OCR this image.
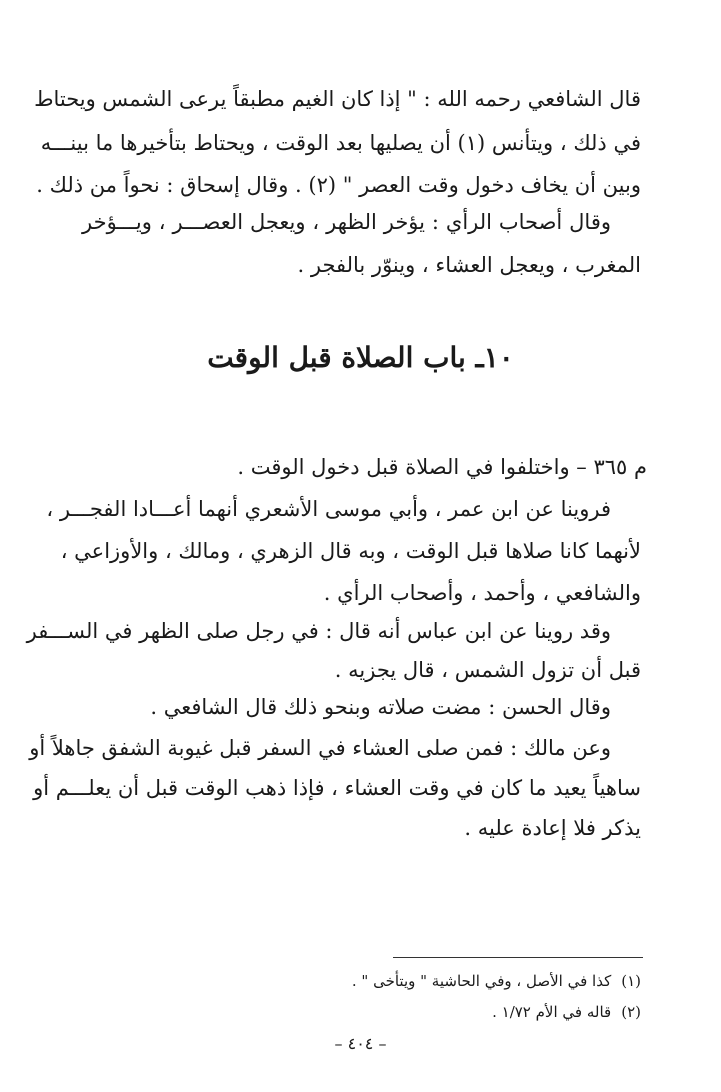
قال الشافعي رحمه الله : " إذا كان الغيم مطبقاً يرعى الشمس ويحتاط
في ذلك ، ويتأنس (١) أن يصليها بعد الوقت ، ويحتاط بتأخيرها ما بينـــه
وبين أن يخاف دخول وقت العصر " (٢) . وقال إسحاق : نحواً من ذلك .
وقال أصحاب الرأي : يؤخر الظهر ، ويعجل العصـــر ، ويـــؤخر
المغرب ، ويعجل العشاء ، وينوّر بالفجر .
١٠ـ باب الصلاة قبل الوقت
م ٣٦٥ – واختلفوا في الصلاة قبل دخول الوقت .
فروينا عن ابن عمر ، وأبي موسى الأشعري أنهما أعـــادا الفجـــر ،
لأنهما كانا صلاها قبل الوقت ، وبه قال الزهري ، ومالك ، والأوزاعي ،
والشافعي ، وأحمد ، وأصحاب الرأي .
وقد روينا عن ابن عباس أنه قال : في رجل صلى الظهر في الســـفر
قبل أن تزول الشمس ، قال يجزيه .
وقال الحسن : مضت صلاته وبنحو ذلك قال الشافعي .
وعن مالك : فمن صلى العشاء في السفر قبل غيوبة الشفق جاهلاً أو
ساهياً يعيد ما كان في وقت العشاء ، فإذا ذهب الوقت قبل أن يعلـــم أو
يذكر فلا إعادة عليه .
(١)كذا في الأصل ، وفي الحاشية " ويتأخى " .
(٢)قاله في الأم ١/٧٢ .
– ٤٠٤ –
